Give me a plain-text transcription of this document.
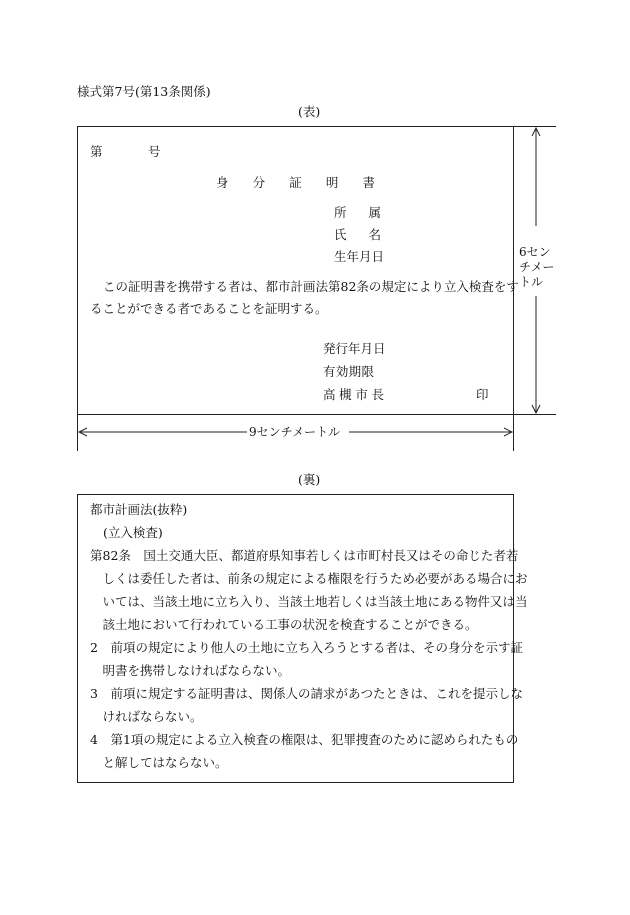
様式第7号(第13条関係)
(表)
第	号
身 分 証 明 書
所 属
氏 名
生年月日
この証明書を携帯する者は、都市計画法第82条の規定により立入検査をす
ることができる者であることを証明する。
発行年月日
有 効 期 限
高 槻 市 長	印
6セン
チメー
トル
9センチメートル
(裏)
都市計画法(抜粋)
(立入検査)
第82条　国土交通大臣、都道府県知事若しくは市町村長又はその命じた者若
　しくは委任した者は、前条の規定による権限を行うため必要がある場合にお
　いては、当該土地に立ち入り、当該土地若しくは当該土地にある物件又は当
　該土地において行われている工事の状況を検査することができる。
2　前項の規定により他人の土地に立ち入ろうとする者は、その身分を示す証
　明書を携帯しなければならない。
3　前項に規定する証明書は、関係人の請求があつたときは、これを提示しな
　ければならない。
4　第1項の規定による立入検査の権限は、犯罪捜査のために認められたもの
　と解してはならない。
